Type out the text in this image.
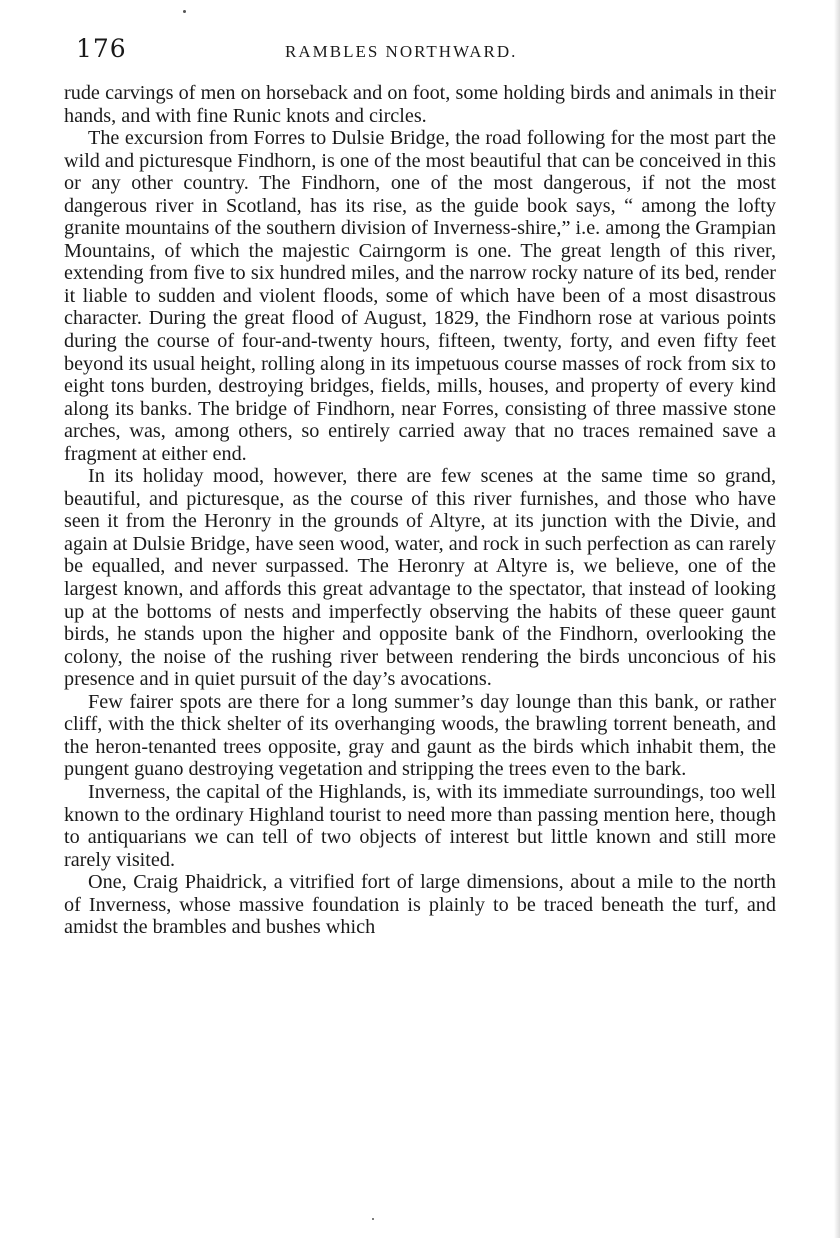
176	RAMBLES NORTHWARD.

rude carvings of men on horseback and on foot, some holding birds and animals in their hands, and with fine Runic knots and circles.

The excursion from Forres to Dulsie Bridge, the road following for the most part the wild and picturesque Findhorn, is one of the most beautiful that can be conceived in this or any other country. The Findhorn, one of the most dangerous, if not the most dangerous river in Scotland, has its rise, as the guide book says, “ among the lofty granite mountains of the southern division of Inverness-shire,” i.e. among the Grampian Mountains, of which the majestic Cairngorm is one. The great length of this river, extending from five to six hundred miles, and the narrow rocky nature of its bed, render it liable to sudden and violent floods, some of which have been of a most disastrous character. During the great flood of August, 1829, the Findhorn rose at various points during the course of four-and-twenty hours, fifteen, twenty, forty, and even fifty feet beyond its usual height, rolling along in its impetuous course masses of rock from six to eight tons burden, destroying bridges, fields, mills, houses, and property of every kind along its banks. The bridge of Findhorn, near Forres, consisting of three massive stone arches, was, among others, so entirely carried away that no traces remained save a fragment at either end.

In its holiday mood, however, there are few scenes at the same time so grand, beautiful, and picturesque, as the course of this river furnishes, and those who have seen it from the Heronry in the grounds of Altyre, at its junction with the Divie, and again at Dulsie Bridge, have seen wood, water, and rock in such perfection as can rarely be equalled, and never surpassed. The Heronry at Altyre is, we believe, one of the largest known, and affords this great advantage to the spectator, that instead of looking up at the bottoms of nests and imperfectly observing the habits of these queer gaunt birds, he stands upon the higher and opposite bank of the Findhorn, overlooking the colony, the noise of the rushing river between rendering the birds unconcious of his presence and in quiet pursuit of the day’s avocations.

Few fairer spots are there for a long summer’s day lounge than this bank, or rather cliff, with the thick shelter of its overhanging woods, the brawling torrent beneath, and the heron-tenanted trees opposite, gray and gaunt as the birds which inhabit them, the pungent guano destroying vegetation and stripping the trees even to the bark.

Inverness, the capital of the Highlands, is, with its immediate surroundings, too well known to the ordinary Highland tourist to need more than passing mention here, though to antiquarians we can tell of two objects of interest but little known and still more rarely visited.

One, Craig Phaidrick, a vitrified fort of large dimensions, about a mile to the north of Inverness, whose massive foundation is plainly to be traced beneath the turf, and amidst the brambles and bushes which
